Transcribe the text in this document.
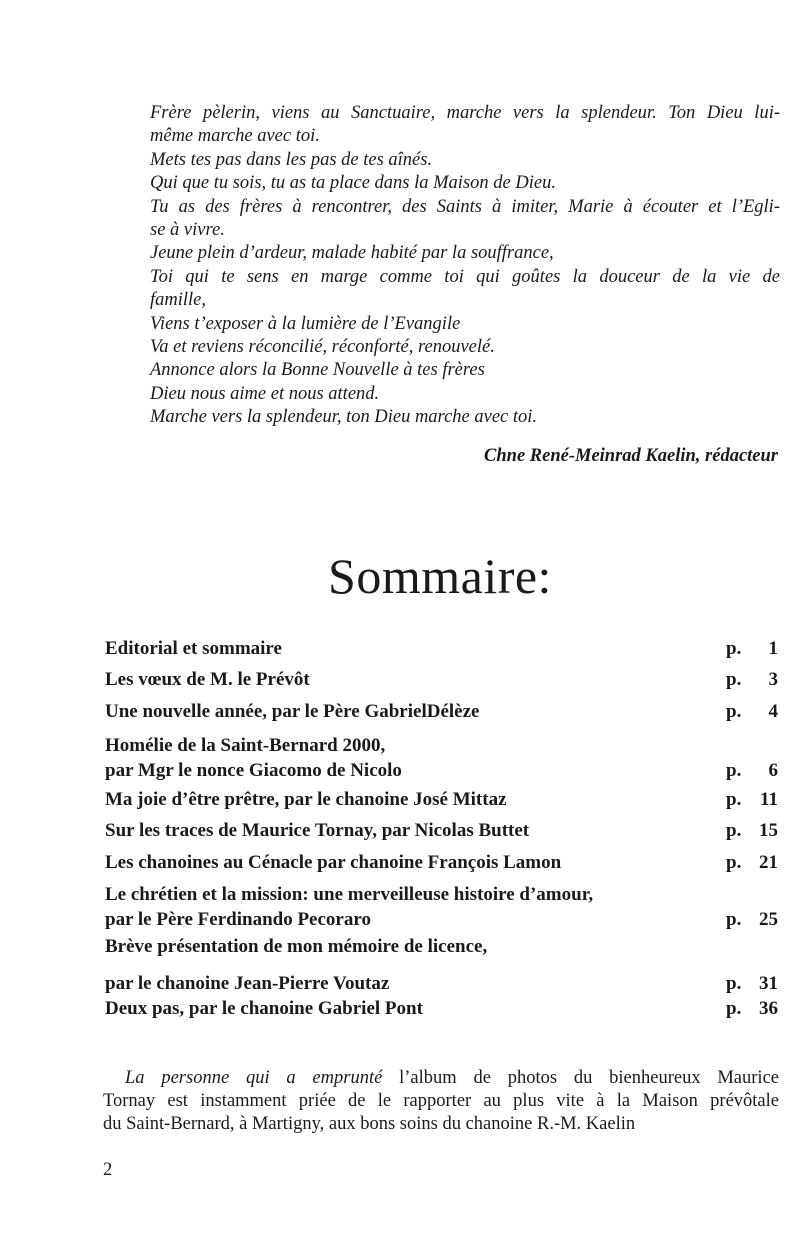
Frère pèlerin, viens au Sanctuaire, marche vers la splendeur. Ton Dieu lui-
même marche avec toi.
Mets tes pas dans les pas de tes aînés.
Qui que tu sois, tu as ta place dans la Maison de Dieu.
Tu as des frères à rencontrer, des Saints à imiter, Marie à écouter et l’Egli-
se à vivre.
Jeune plein d’ardeur, malade habité par la souffrance,
Toi qui te sens en marge comme toi qui goûtes la douceur de la vie de
famille,
Viens t’exposer à la lumière de l’Evangile
Va et reviens réconcilié, réconforté, renouvelé.
Annonce alors la Bonne Nouvelle à tes frères
Dieu nous aime et nous attend.
Marche vers la splendeur, ton Dieu marche avec toi.
Chne René-Meinrad Kaelin, rédacteur
Sommaire:
Editorial et sommaire	p. 1
Les vœux de M. le Prévôt	p. 3
Une nouvelle année, par le Père GabrielDélèze	p. 4
Homélie de la Saint-Bernard 2000,
par Mgr le nonce Giacomo de Nicolo	p. 6
Ma joie d’être prêtre, par le chanoine José Mittaz	p. 11
Sur les traces de Maurice Tornay, par Nicolas Buttet	p. 15
Les chanoines au Cénacle par chanoine François Lamon	p. 21
Le chrétien et la mission: une merveilleuse histoire d’amour,
par le Père Ferdinando Pecoraro	p. 25
Brève présentation de mon mémoire de licence,
par le chanoine Jean-Pierre Voutaz	p. 31
Deux pas, par le chanoine Gabriel Pont	p. 36
La personne qui a emprunté l’album de photos du bienheureux Maurice
Tornay est instamment priée de le rapporter au plus vite à la Maison prévôtale
du Saint-Bernard, à Martigny, aux bons soins du chanoine R.-M. Kaelin
2
